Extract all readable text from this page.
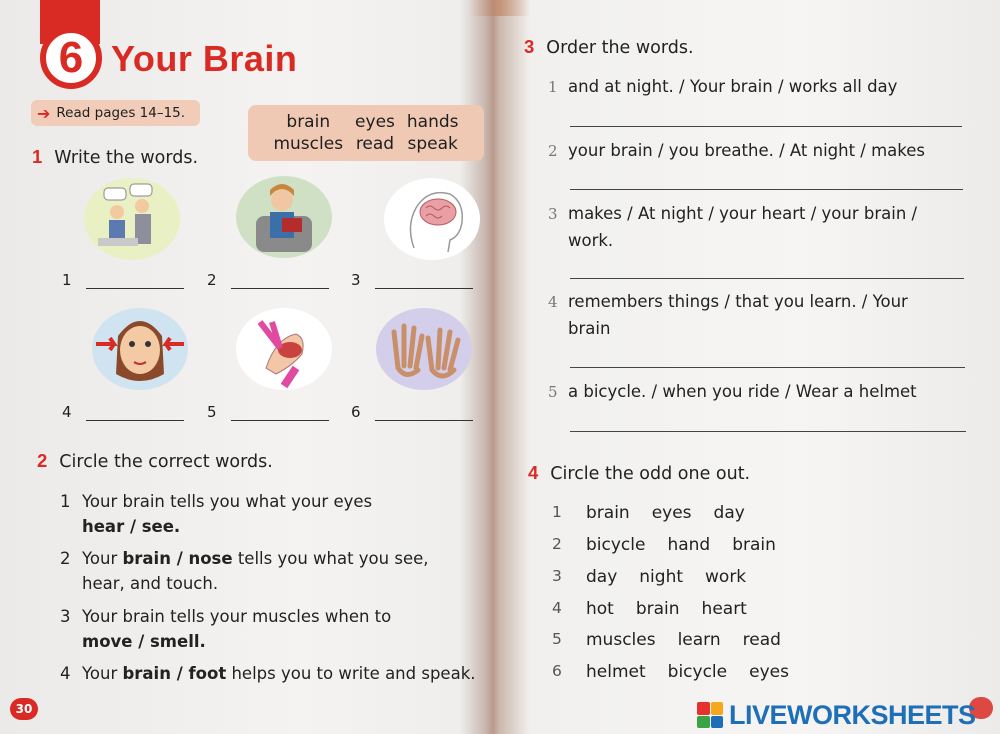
6 Your Brain
➔ Read pages 14–15.	brain	eyes hands
muscles read speak
1 Write the words.
1	2	3
4	5	6
2 Circle the correct words.
1 Your brain tells you what your eyes
hear / see.
2 Your brain / nose tells you what you see,
hear, and touch.
3 Your brain tells your muscles when to
move / smell.
4 Your brain / foot helps you to write and speak.
30
3 Order the words.
1 and at night. / Your brain / works all day
2 your brain / you breathe. / At night / makes
3 makes / At night / your heart / your brain /
work.
4 remembers things / that you learn. / Your
brain
5 a bicycle. / when you ride / Wear a helmet
4 Circle the odd one out.
1 brain eyes day
2 bicycle hand brain
3 day night work
4 hot brain heart
5 muscles learn read
6 helmet bicycle eyes
LIVEWORKSHEETS
